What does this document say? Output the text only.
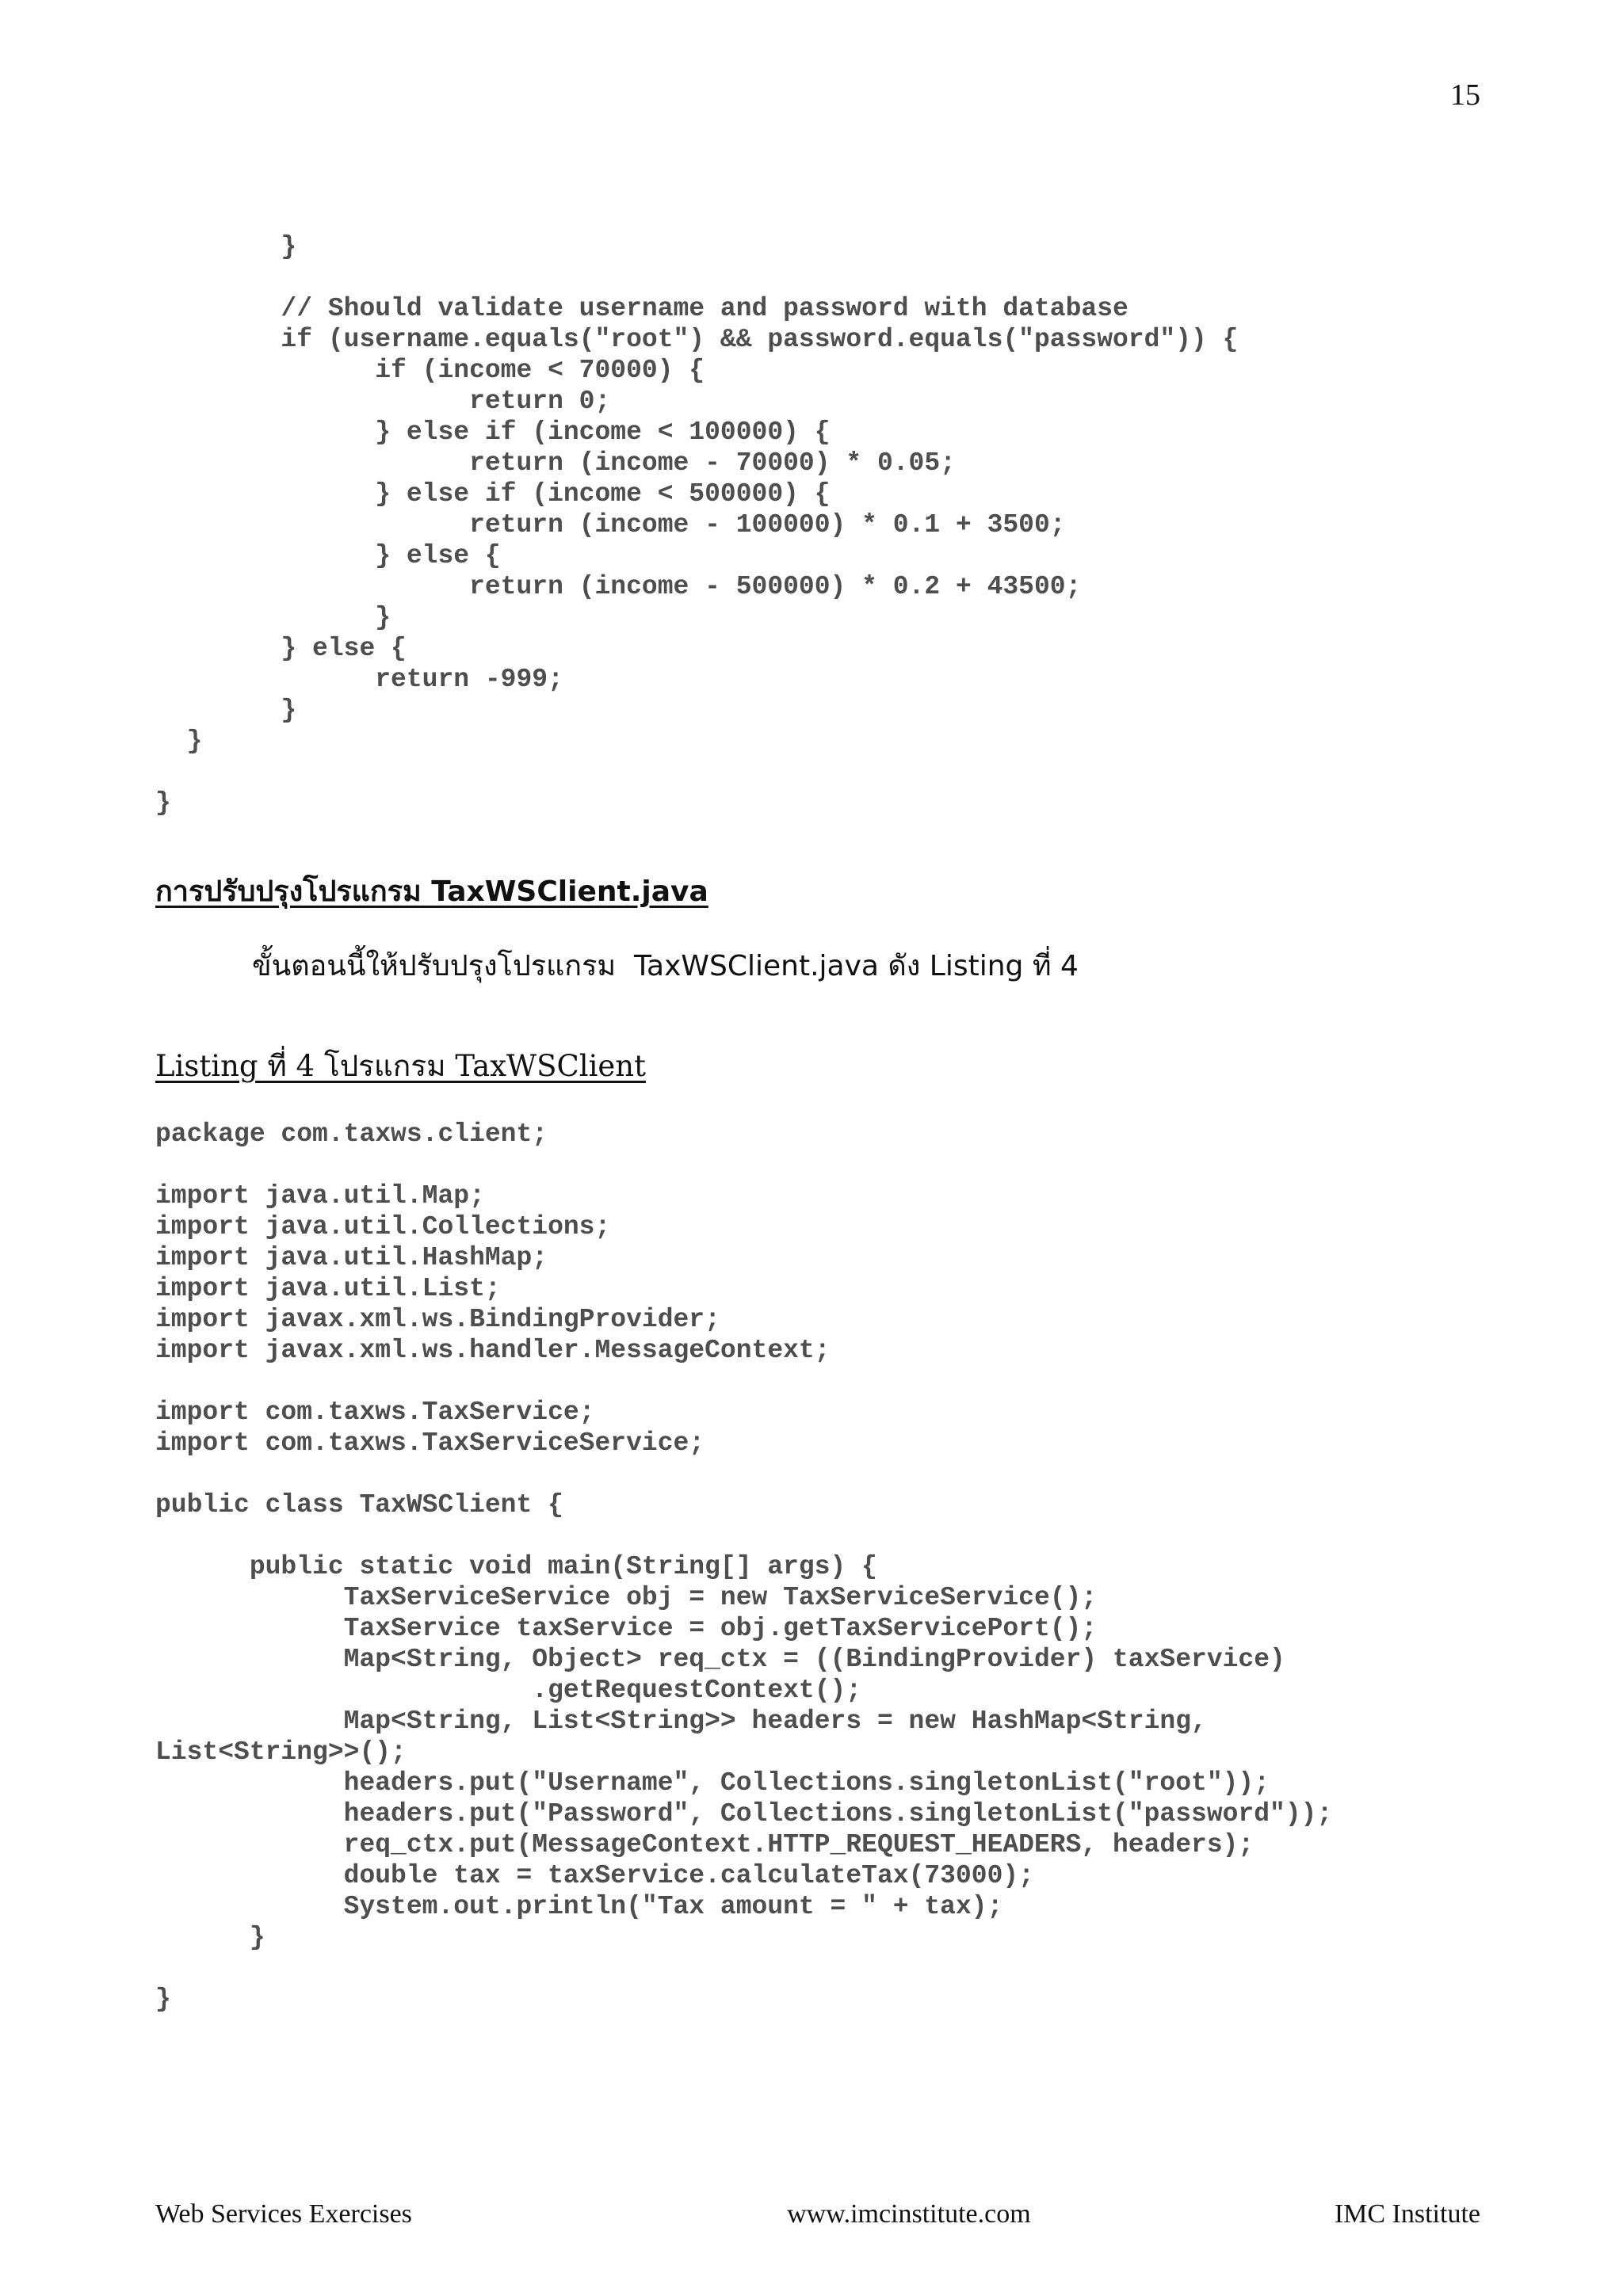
15
}

// Should validate username and password with database
if (username.equals("root") && password.equals("password")) {
if (income < 70000) {
return 0;
} else if (income < 100000) {
return (income - 70000) * 0.05;
} else if (income < 500000) {
return (income - 100000) * 0.1 + 3500;
} else {
return (income - 500000) * 0.2 + 43500;
}
} else {
return -999;
}
}

}
การปรับปรุงโปรแกรม TaxWSClient.java
ขั้นตอนนี้ให้ปรับปรุงโปรแกรม  TaxWSClient.java ดัง Listing ที่ 4
Listing ที่ 4 โปรแกรม TaxWSClient
package com.taxws.client;

import java.util.Map;
import java.util.Collections;
import java.util.HashMap;
import java.util.List;
import javax.xml.ws.BindingProvider;
import javax.xml.ws.handler.MessageContext;

import com.taxws.TaxService;
import com.taxws.TaxServiceService;

public class TaxWSClient {

public static void main(String[] args) {
TaxServiceService obj = new TaxServiceService();
TaxService taxService = obj.getTaxServicePort();
Map<String, Object> req_ctx = ((BindingProvider) taxService)
.getRequestContext();
Map<String, List<String>> headers = new HashMap<String,
List<String>>();
headers.put("Username", Collections.singletonList("root"));
headers.put("Password", Collections.singletonList("password"));
req_ctx.put(MessageContext.HTTP_REQUEST_HEADERS, headers);
double tax = taxService.calculateTax(73000);
System.out.println("Tax amount = " + tax);
}

}
Web Services Exercises	www.imcinstitute.com	IMC Institute
